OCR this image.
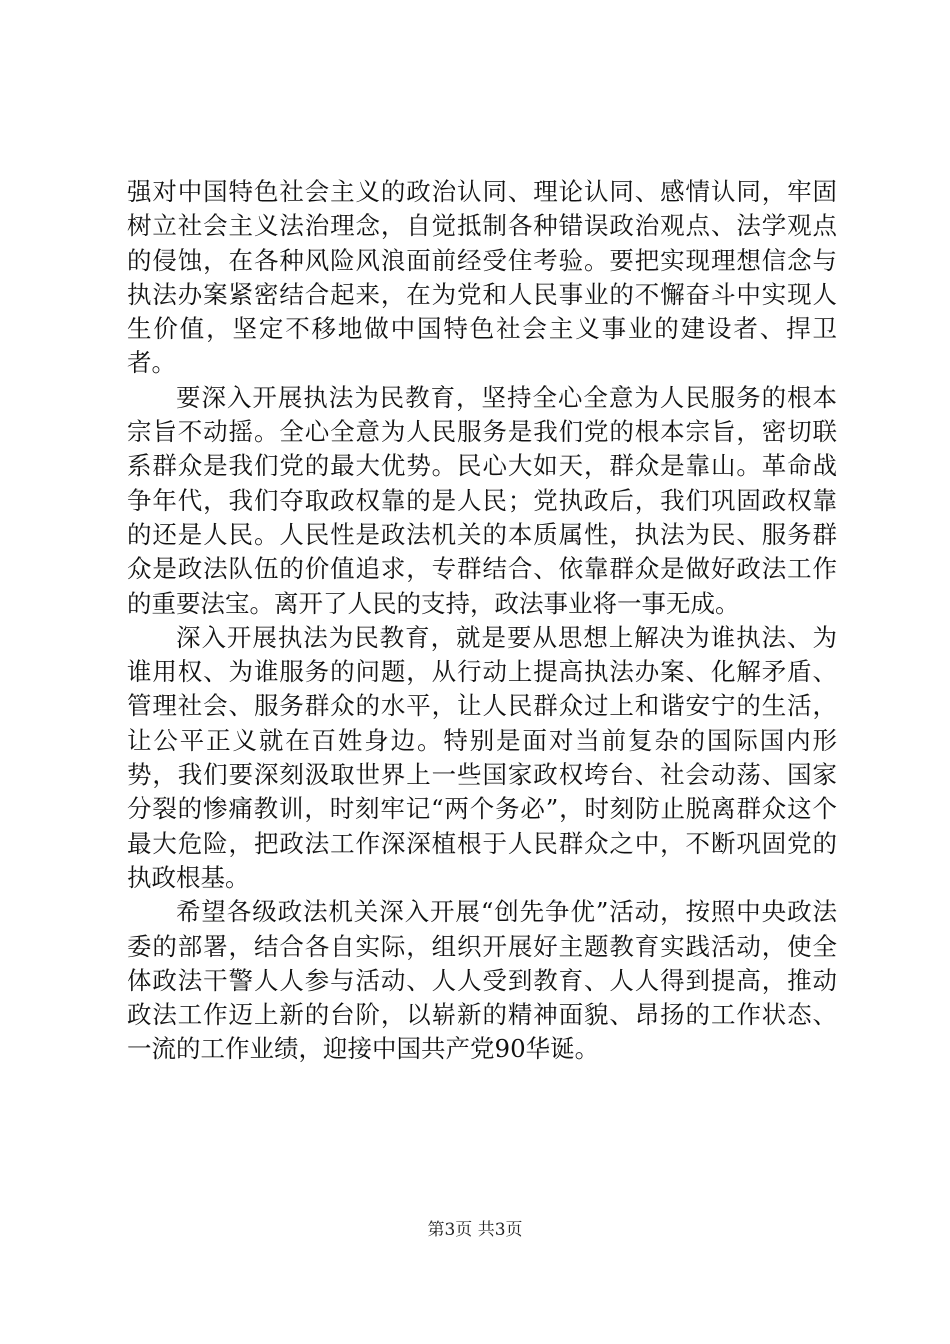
强对中国特色社会主义的政治认同、理论认同、感情认同，牢固树立社会主义法治理念，自觉抵制各种错误政治观点、法学观点的侵蚀，在各种风险风浪面前经受住考验。要把实现理想信念与执法办案紧密结合起来，在为党和人民事业的不懈奋斗中实现人生价值，坚定不移地做中国特色社会主义事业的建设者、捍卫者。

要深入开展执法为民教育，坚持全心全意为人民服务的根本宗旨不动摇。全心全意为人民服务是我们党的根本宗旨，密切联系群众是我们党的最大优势。民心大如天，群众是靠山。革命战争年代，我们夺取政权靠的是人民；党执政后，我们巩固政权靠的还是人民。人民性是政法机关的本质属性，执法为民、服务群众是政法队伍的价值追求，专群结合、依靠群众是做好政法工作的重要法宝。离开了人民的支持，政法事业将一事无成。

深入开展执法为民教育，就是要从思想上解决为谁执法、为谁用权、为谁服务的问题，从行动上提高执法办案、化解矛盾、管理社会、服务群众的水平，让人民群众过上和谐安宁的生活，让公平正义就在百姓身边。特别是面对当前复杂的国际国内形势，我们要深刻汲取世界上一些国家政权垮台、社会动荡、国家分裂的惨痛教训，时刻牢记“两个务必”，时刻防止脱离群众这个最大危险，把政法工作深深植根于人民群众之中，不断巩固党的执政根基。

希望各级政法机关深入开展“创先争优”活动，按照中央政法委的部署，结合各自实际，组织开展好主题教育实践活动，使全体政法干警人人参与活动、人人受到教育、人人得到提高，推动政法工作迈上新的台阶，以崭新的精神面貌、昂扬的工作状态、一流的工作业绩，迎接中国共产党90华诞。

第3页 共3页
